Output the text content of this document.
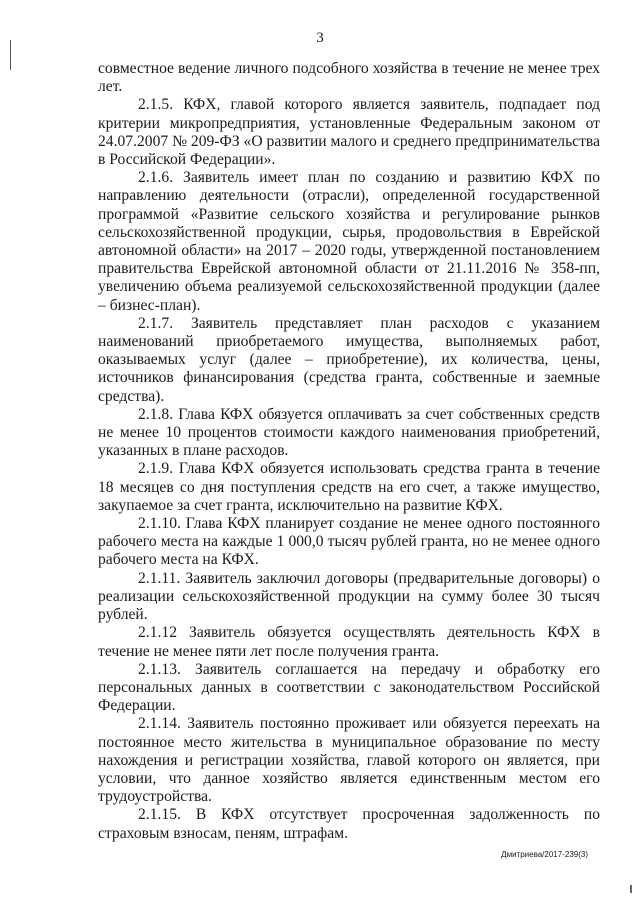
3

совместное ведение личного подсобного хозяйства в течение не менее трех лет.

2.1.5. КФХ, главой которого является заявитель, подпадает под критерии микропредприятия, установленные Федеральным законом от 24.07.2007 № 209-ФЗ «О развитии малого и среднего предпринимательства в Российской Федерации».

2.1.6. Заявитель имеет план по созданию и развитию КФХ по направлению деятельности (отрасли), определенной государственной программой «Развитие сельского хозяйства и регулирование рынков сельскохозяйственной продукции, сырья, продовольствия в Еврейской автономной области» на 2017 – 2020 годы, утвержденной постановлением правительства Еврейской автономной области от 21.11.2016 № 358-пп, увеличению объема реализуемой сельскохозяйственной продукции (далее – бизнес-план).

2.1.7. Заявитель представляет план расходов с указанием наименований приобретаемого имущества, выполняемых работ, оказываемых услуг (далее – приобретение), их количества, цены, источников финансирования (средства гранта, собственные и заемные средства).

2.1.8. Глава КФХ обязуется оплачивать за счет собственных средств не менее 10 процентов стоимости каждого наименования приобретений, указанных в плане расходов.

2.1.9. Глава КФХ обязуется использовать средства гранта в течение 18 месяцев со дня поступления средств на его счет, а также имущество, закупаемое за счет гранта, исключительно на развитие КФХ.

2.1.10. Глава КФХ планирует создание не менее одного постоянного рабочего места на каждые 1 000,0 тысяч рублей гранта, но не менее одного рабочего места на КФХ.

2.1.11. Заявитель заключил договоры (предварительные договоры) о реализации сельскохозяйственной продукции на сумму более 30 тысяч рублей.

2.1.12 Заявитель обязуется осуществлять деятельность КФХ в течение не менее пяти лет после получения гранта.

2.1.13. Заявитель соглашается на передачу и обработку его персональных данных в соответствии с законодательством Российской Федерации.

2.1.14. Заявитель постоянно проживает или обязуется переехать на постоянное место жительства в муниципальное образование по месту нахождения и регистрации хозяйства, главой которого он является, при условии, что данное хозяйство является единственным местом его трудоустройства.

2.1.15. В КФХ отсутствует просроченная задолженность по страховым взносам, пеням, штрафам.

Дмитриева/2017-239(3)
